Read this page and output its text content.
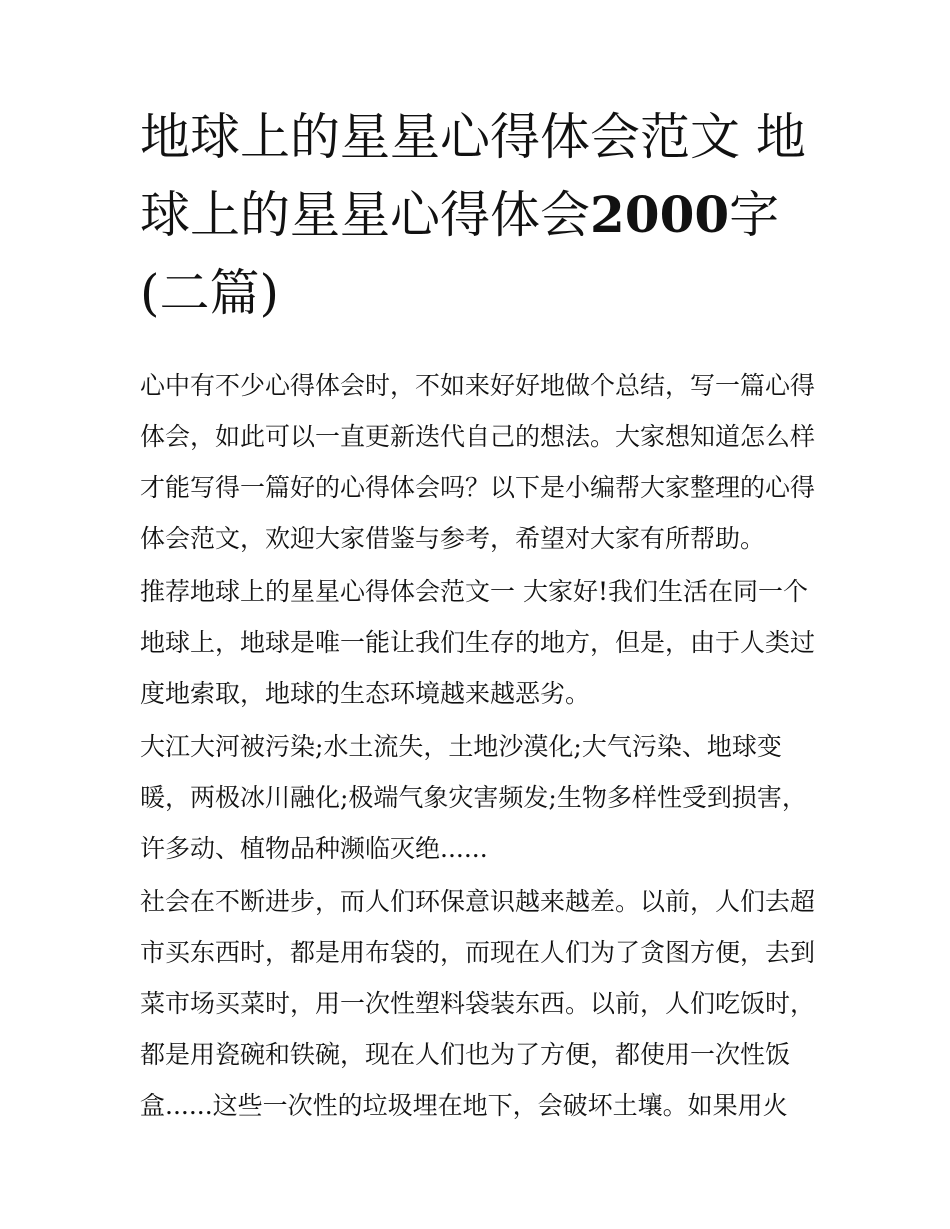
地球上的星星心得体会范文 地
球上的星星心得体会2000字
(二篇)
心中有不少心得体会时，不如来好好地做个总结，写一篇心得
体会，如此可以一直更新迭代自己的想法。大家想知道怎么样
才能写得一篇好的心得体会吗？以下是小编帮大家整理的心得
体会范文，欢迎大家借鉴与参考，希望对大家有所帮助。
推荐地球上的星星心得体会范文一 大家好!我们生活在同一个
地球上，地球是唯一能让我们生存的地方，但是，由于人类过
度地索取，地球的生态环境越来越恶劣。
大江大河被污染;水土流失，土地沙漠化;大气污染、地球变
暖，两极冰川融化;极端气象灾害频发;生物多样性受到损害，
许多动、植物品种濒临灭绝......
社会在不断进步，而人们环保意识越来越差。以前，人们去超
市买东西时，都是用布袋的，而现在人们为了贪图方便，去到
菜市场买菜时，用一次性塑料袋装东西。以前，人们吃饭时，
都是用瓷碗和铁碗，现在人们也为了方便，都使用一次性饭
盒......这些一次性的垃圾埋在地下，会破坏土壤。如果用火
